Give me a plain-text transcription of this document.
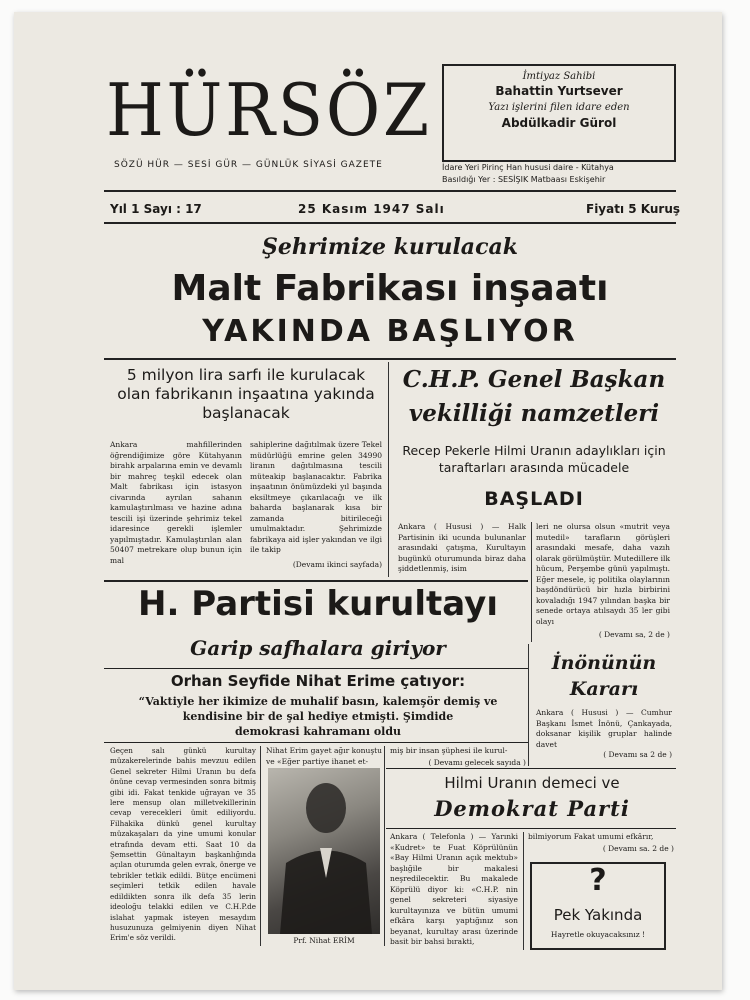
HÜRSÖZ
SÖZÜ HÜR — SESİ GÜR — GÜNLÜK SİYASİ GAZETE
İmtiyaz Sahibi
Bahattin Yurtsever
Yazı işlerini filen idare eden
Abdülkadir Gürol
İdare Yeri Pirinç Han hususi daire - Kütahya
Basıldığı Yer : SESİŞIK Matbaası Eskişehir
Yıl 1 Sayı : 17	25 Kasım 1947 Salı	Fiyatı 5 Kuruş
Şehrimize kurulacak
Malt Fabrikası inşaatı
YAKINDA BAŞLIYOR
5 milyon lira sarfı ile kurulacak olan fabrikanın inşaatına yakında başlanacak
Ankara mahfillerinden öğrendiğimize göre Kütahyanın birahk arpalarına emin ve devamlı bir mahreç teşkil edecek olan Malt fabrikası için istasyon civarında ayrılan sahanın kamulaştırılması ve hazine adına tescili işi üzerinde şehrimiz tekel idaresince gerekli işlemler yapılmıştadır. Kamulaştırılan alan 50407 metrekare olup bunun için mal
sahiplerine dağıtılmak üzere Tekel müdürlüğü emrine gelen 34990 liranın dağıtılmasına tescili müteakip başlanacaktır. Fabrika inşaatının önümüzdeki yıl başında eksiltmeye çıkarılacağı ve ilk baharda başlanarak kısa bir zamanda bitirileceği umulmaktadır. Şehrimizde fabrikaya aid işler yakından ve ilgi ile takip
(Devamı ikinci sayfada)
C.H.P. Genel Başkan
vekilliği namzetleri
Recep Pekerle Hilmi Uranın adaylıkları için taraftarları arasında mücadele
BAŞLADI
Ankara ( Hususi ) — Halk Partisinin iki ucunda bulunanlar arasındaki çatışma, Kurultayın bugünkü oturumunda biraz daha şiddetlenmiş, isim
leri ne olursa olsun «mutrit veya mutedil» tarafların görüşleri arasındaki mesafe, daha vazıh olarak görülmüştür. Mutedillere ilk hücum, Perşembe günü yapılmıştı. Eğer mesele, iç politika olaylarının başdöndürücü bir hızla birbirini kovaladığı 1947 yılından başka bir senede ortaya atılsaydı 35 ler gibi olayı
( Devamı sa, 2 de )
H. Partisi kurultayı
Garip safhalara giriyor
Orhan Seyfide Nihat Erime çatıyor:
“Vaktiyle her ikimize de muhalif basın, kalemşör demiş ve
kendisine bir de şal hediye etmişti. Şimdide
demokrasi kahramanı oldu
Geçen salı günkü kurultay müzakerelerinde bahis mevzuu edilen Genel sekreter Hilmi Uranın bu defa önüne cevap vermesinden sonra bitmiş gibi idi. Fakat tenkide uğrayan ve 35 lere mensup olan milletvekillerinin cevap verecekleri ümit ediliyordu. Filhakika dünkü genel kurultay müzakaşaları da yine umumi konular etrafında devam etti. Saat 10 da Şemsettin Günaltayın başkanlığında açılan oturumda gelen evrak, önerge ve tebrikler tetkik edildi. Bütçe encümeni seçimleri tetkik edilen havale edildikten sonra ilk defa 35 lerin ideoloğu telakki edilen ve C.H.P.de islahat yapmak isteyen mesaydım husuzunuza gelmiyenin diyen Nihat Erim'e söz verildi.
Nihat Erim gayet ağır konuştu ve «Eğer partiye ihanet et-
Prf. Nihat ERİM
miş bir insan şüphesi ile kurul-
( Devamı gelecek sayıda )
İnönünün
Kararı
Ankara ( Hususi ) — Cumhur Başkanı İsmet İnönü, Çankayada, doksanar kişilik gruplar halinde davet
( Devamı sa 2 de )
Hilmi Uranın demeci ve
Demokrat Parti
Ankara ( Telefonla ) — Yarınki «Kudret» te Fuat Köprülünün «Bay Hilmi Uranın açık mektub» başlığile bir makalesi neşredilecektir. Bu makalede Köprülü diyor ki: «C.H.P. nin genel sekreteri siyasiye kurultayınıza ve bütün umumi efkâra karşı yaptığınız son beyanat, kurultay arası üzerinde basit bir bahsi bırakti,
bilmiyorum Fakat umumi efkârır,
( Devamı sa. 2 de )
?
Pek Yakında
Hayretle okuyacaksınız !
